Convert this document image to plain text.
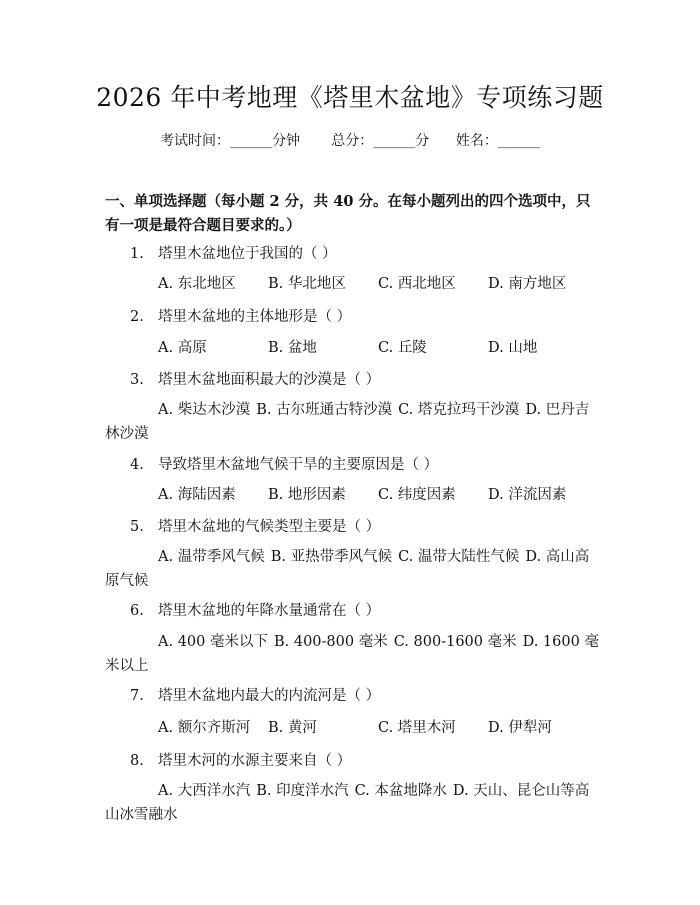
2026 年中考地理《塔里木盆地》专项练习题
考试时间：______分钟 总分：______分 姓名：______
一、单项选择题（每小题 2 分，共 40 分。在每小题列出的四个选项中，只有一项是最符合题目要求的。）
1. 塔里木盆地位于我国的（ ）
A. 东北地区 B. 华北地区 C. 西北地区 D. 南方地区
2. 塔里木盆地的主体地形是（ ）
A. 高原	B. 盆地	C. 丘陵	D. 山地
3. 塔里木盆地面积最大的沙漠是（ ）
A. 柴达木沙漠 B. 古尔班通古特沙漠 C. 塔克拉玛干沙漠 D. 巴丹吉林沙漠
4. 导致塔里木盆地气候干旱的主要原因是（ ）
A. 海陆因素 B. 地形因素 C. 纬度因素 D. 洋流因素
5. 塔里木盆地的气候类型主要是（ ）
A. 温带季风气候 B. 亚热带季风气候 C. 温带大陆性气候 D. 高山高原气候
6. 塔里木盆地的年降水量通常在（ ）
A. 400 毫米以下 B. 400-800 毫米 C. 800-1600 毫米 D. 1600 毫米以上
7. 塔里木盆地内最大的内流河是（ ）
A. 额尔齐斯河 B. 黄河	C. 塔里木河 D. 伊犁河
8. 塔里木河的水源主要来自（ ）
A. 大西洋水汽 B. 印度洋水汽 C. 本盆地降水 D. 天山、昆仑山等高山冰雪融水
